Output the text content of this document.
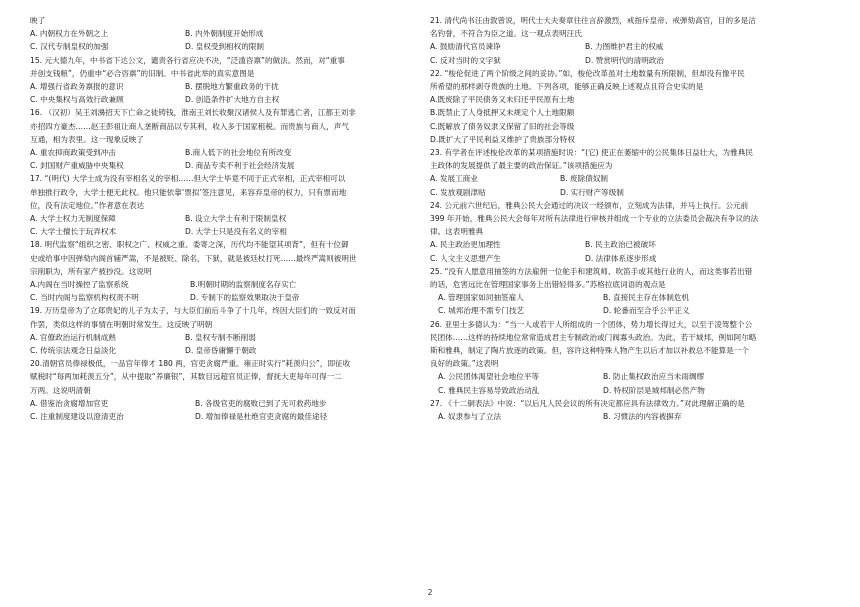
映了
A. 内朝权力在外朝之上	B. 内外朝制度开始形成
C. 汉代专制皇权的加强	D. 皇权受到相权的限制
15. 元大德九年，中书省下达公文，谴责各行省应决不决，“泛滥咨禀”的做法。然而，对“重事
并创支钱粮”，仍重申“必合咨禀”的旧制。中书省此举的真实意图是
A. 增强行省政务禀报的意识	B. 摆脱地方繁重政务的干扰
C. 中央集权与高效行政兼顾	D. 创造条件扩大地方自主权
16. （汉初）吴王刘濞招天下亡命之徒铸钱，淮南王刘长收聚汉诸侯人及有罪逃亡者，江都王刘非
亦招四方豪杰……赵王彭祖让商人垄断商品以专其利，收入多于国家租税。而贵族与商人，声气
互通，相为表里。这一现象反映了
A. 重农抑商政策受到冲击	B.商人低下的社会地位有所改变
C. 封国财产重威胁中央集权	D. 商品专卖不利于社会经济发展
17. “(明代) 大学士成为没有宰相名义的宰相……但大学士毕竟不同于正式宰相，正式宰相可以
单独推行政令，大学士便无此权。他只能依靠‘票拟’签注意见，来容弃皇帝的权力，只有票而地
位，没有法定地位。”作者意在表达
A. 大学士权力无制度保障	B. 设立大学士有利于限制皇权
C. 大学士擅长于玩弄权术	D. 大学士只是没有名义的宰相
18. 明代监察“组织之密、职权之广、权威之重、委寄之深，历代均不能望其项背”，但有十位御
史或给事中因弹劾内阁首辅严嵩，不是被贬、除名，下狱，就是被廷杖打死……最终严嵩则被明世
宗削职为，所有家产被抄没。这说明
A.内阁在当时操控了监察系统	B.明朝时期的监察制度名存实亡
C. 当时内阁与监察机构权责不明	D. 专制下的监察效果取决于皇帝
19. 万历皇帝为了立郑贵妃的儿子为太子，与大臣们前后斗争了十几年，终因大臣们的一致反对而
作罢，类似这样的事情在明朝时常发生。这反映了明朝
A. 官僚政治运行机制成熟	B. 皇权专制不断削弱
C. 传统宗法观念日益淡化	D. 皇帝昏庸懈于朝政
20.清朝官员俸禄极低，一品官年俸才 180 两，官吏贪腐严重。雍正时实行“耗羡归公”，即征收
赋税时“每两加耗羡五分”，从中提取“养廉银”，其数目远超官员正俸，督抚大吏每年可得一二
万两。这说明清朝
A. 借鉴治贪腐增加官吏	B. 各级官吏的腐败已到了无可救药地步
C. 注重制度建设以澄清吏治	D. 增加俸禄是杜绝官吏贪腐的最佳途径
21. 清代尚书汪由敦曾说，明代士大夫奏章往往言辞激烈，戒指斥皇帝、戒弹劾高官，目的多是沽
名钓誉，不符合为臣之道。这一观点表明汪氏
A. 鼓励清代官员谏诤	B. 力图维护君主的权威
C. 反对当时的文字狱	D. 赞赏明代的清明政治
22. “梭伦促进了两个阶级之间的妥协。”如，梭伦改革虽对土地数量有所限制，但却没有像平民
所希望的那样剥夺贵族的土地。下列各项，能够正确反映上述观点且符合史实的是
A.既废除了平民债务又未归还平民原有土地
B.既禁止了人身抵押又未规定个人土地限额
C.既解放了债务奴隶又保留了旧的社会等级
D.既扩大了平民利益又维护了贵族部分特权
23. 有学者在评述梭伦改革的某项措施时说：“(它) 使正在萎缩中的公民集体日益壮大，为雅典民
主政体的发展提供了最主要的政治保证。”该项措施应为
A. 发展工商业	B. 废除债奴制
C. 发放观剧津贴	D. 实行财产等级制
24. 公元前六世纪后，雅典公民大会通过的决议一经颁布，立刻成为法律，并马上执行。公元前
399 年开始，雅典公民大会每年对所有法律进行审核并组成一个专业的立法委员会裁决有争议的法
律。这表明雅典
A. 民主政治更加理性	B. 民主政治已被破坏
C. 人文主义思想产生	D. 法律体系逐步形成
25. “没有人愿意用抽签的方法雇佣一位舵手和建筑师、吹笛手或其他行业的人，而这类事若出错
的话，危害远比在管理国家事务上出错轻得多。”苏格拉底词语的观点是
A. 管理国家如同抽签雇人	B. 直接民主存在体制危机
C. 城邦治理不需专门技艺	D. 轮番而至合乎公平正义
26. 亚里士多德认为：“当一人或若干人所组成的一个团体，势力增长得过大，以至于凌驾整个公
民团体……这样的持续地位常常造成君主专制政治或门阀寡头政治。为此，若干城邦，例如阿尔略
斯和雅典，制定了陶片放逐的政策。但，容许这种特殊人物产生以后才加以补救总不能算是一个
良好的政策。”这表明
A. 公民团体渴望社会地位平等	B. 防止集权政治应当未雨绸缪
C. 雅典民主容易导致政治动乱	D. 特权阶层是城邦制必然产物
27. 《十二铜表法》中说：“以后凡人民会议的所有决定都应具有法律效力。”对此理解正确的是
A. 奴隶参与了立法	B. 习惯法的内容被摒弃
2
